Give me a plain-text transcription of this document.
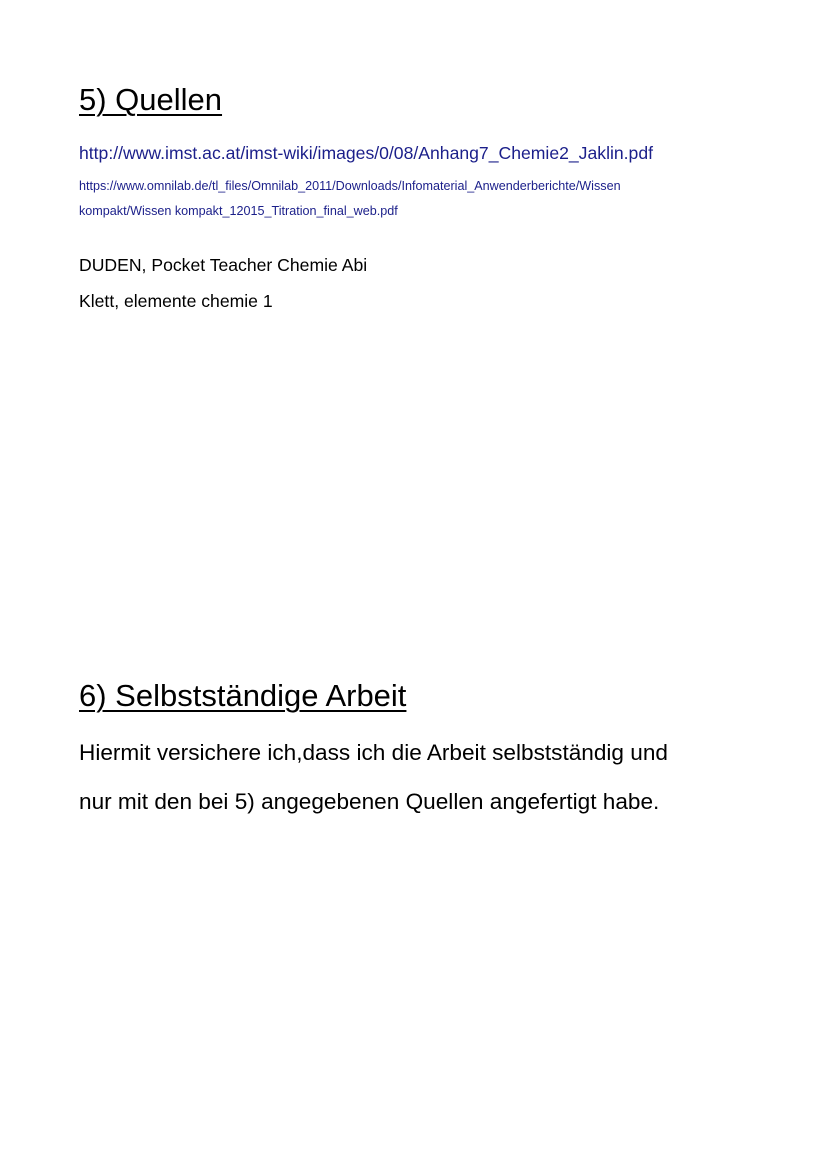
5) Quellen
http://www.imst.ac.at/imst-wiki/images/0/08/Anhang7_Chemie2_Jaklin.pdf
https://www.omnilab.de/tl_files/Omnilab_2011/Downloads/Infomaterial_Anwenderberichte/Wissen
kompakt/Wissen kompakt_12015_Titration_final_web.pdf
DUDEN, Pocket Teacher Chemie Abi
Klett, elemente chemie 1
6) Selbstständige Arbeit
Hiermit versichere ich,dass ich die Arbeit selbstständig und
nur mit den bei 5) angegebenen Quellen angefertigt habe.
